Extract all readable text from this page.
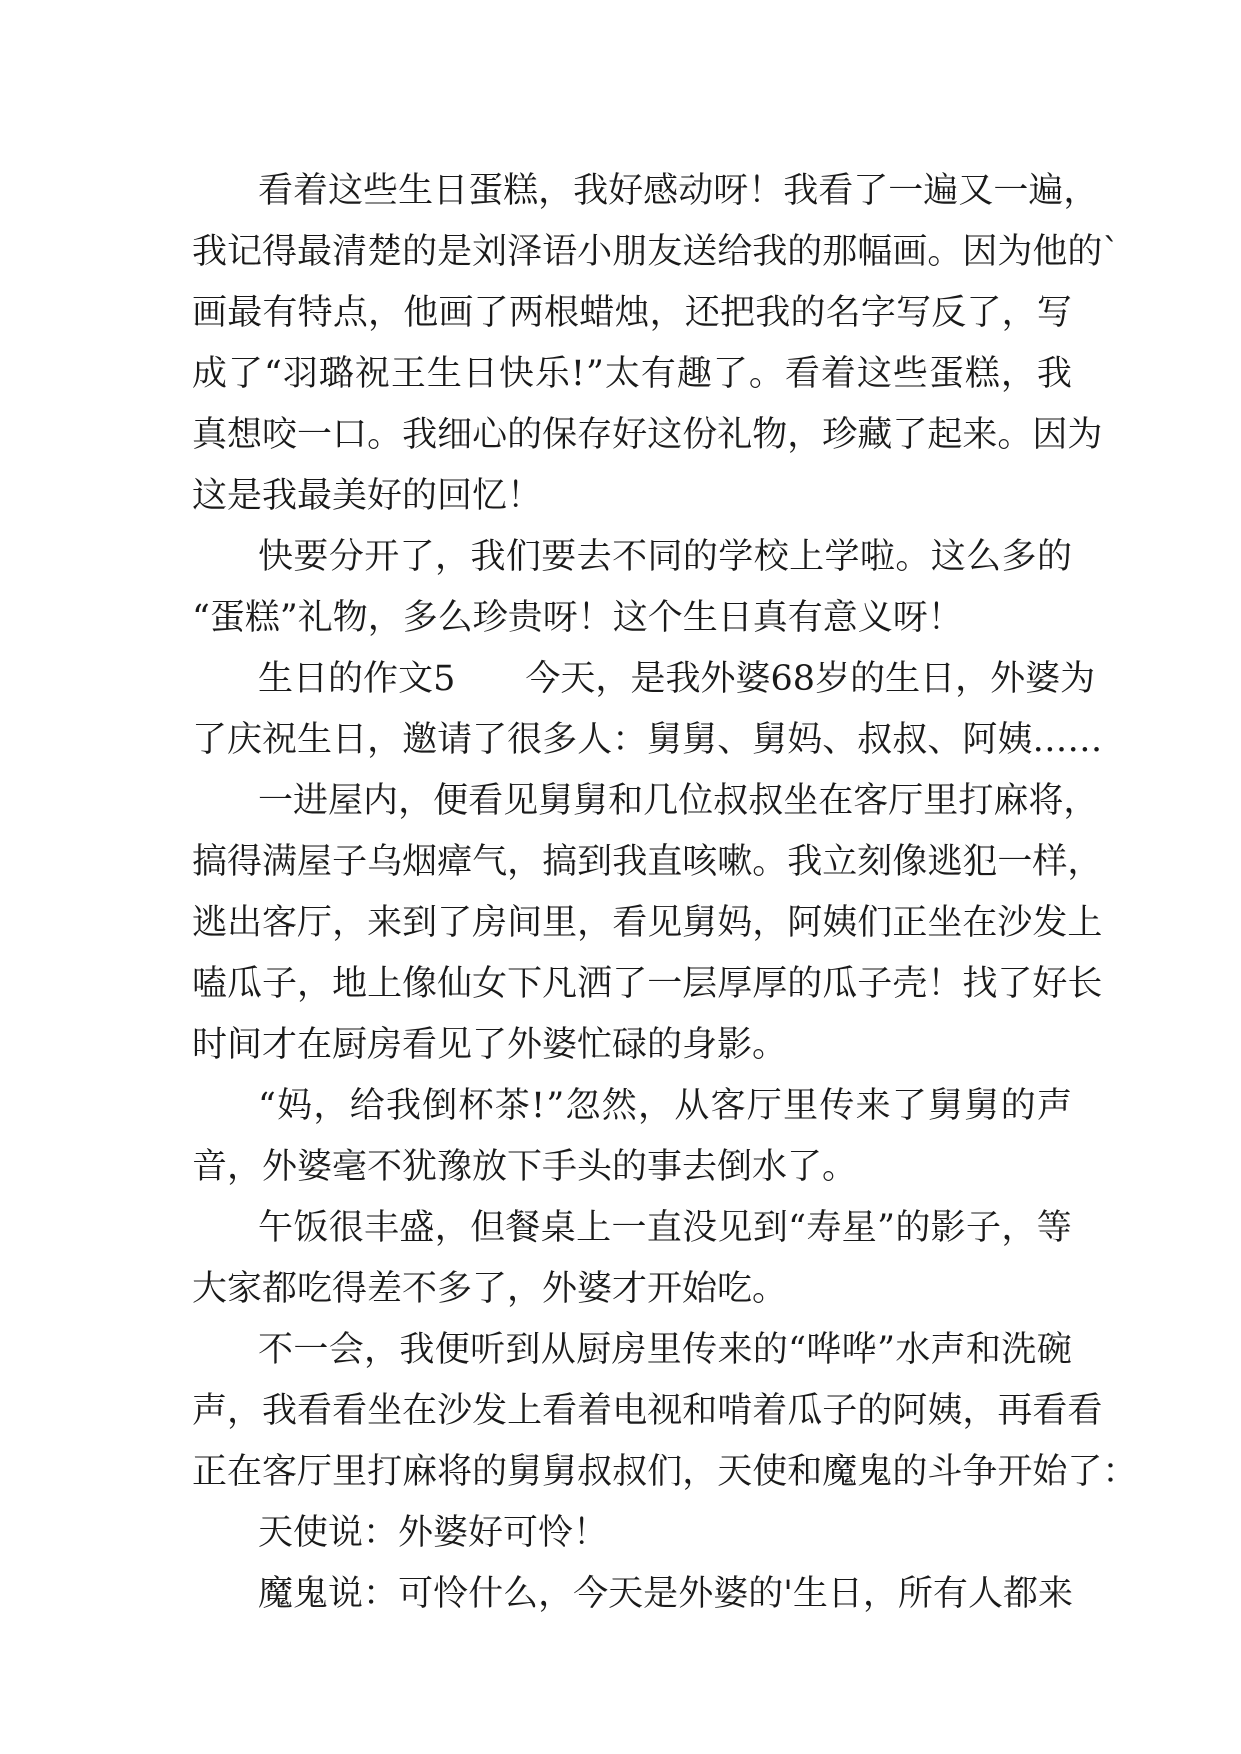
看 着 这 些 生 日 蛋 糕 ， 我 好 感 动 呀 ！ 我 看 了 一 遍 又 一 遍 ，
我 记 得 最 清 楚 的 是 刘 泽 语 小 朋 友 送 给 我 的 那 幅 画 。 因 为 他 的 `
画 最 有 特 点 ， 他 画 了 两 根 蜡 烛 ， 还 把 我 的 名 字 写 反 了 ， 写
成 了 “ 羽 璐 祝 王 生 日 快 乐 ! ” 太 有 趣 了 。 看 着 这 些 蛋 糕 ， 我
真 想 咬 一 口 。 我 细 心 的 保 存 好 这 份 礼 物 ， 珍 藏 了 起 来 。 因 为
这是我最美好的回忆！
快 要 分 开 了 ， 我 们 要 去 不 同 的 学 校 上 学 啦 。 这 么 多 的
“蛋糕”礼物，多么珍贵呀！这个生日真有意义呀！
生 日 的 作 文 5

　 今 天 ， 是 我 外 婆 6 8 岁 的 生 日 ， 外 婆 为
了 庆 祝 生 日 ， 邀 请 了 很 多 人 ： 舅 舅 、 舅 妈 、 叔 叔 、 阿 姨 … …
一 进 屋 内 ， 便 看 见 舅 舅 和 几 位 叔 叔 坐 在 客 厅 里 打 麻 将 ，
搞 得 满 屋 子 乌 烟 瘴 气 ， 搞 到 我 直 咳 嗽 。 我 立 刻 像 逃 犯 一 样 ，
逃 出 客 厅 ， 来 到 了 房 间 里 ， 看 见 舅 妈 ， 阿 姨 们 正 坐 在 沙 发 上
嗑 瓜 子 ， 地 上 像 仙 女 下 凡 洒 了 一 层 厚 厚 的 瓜 子 壳 ！ 找 了 好 长
时间才在厨房看见了外婆忙碌的身影。
“ 妈 ， 给 我 倒 杯 茶 ! ” 忽 然 ， 从 客 厅 里 传 来 了 舅 舅 的 声
音，外婆毫不犹豫放下手头的事去倒水了。
午 饭 很 丰 盛 ， 但 餐 桌 上 一 直 没 见 到 “ 寿 星 ” 的 影 子 ， 等
大家都吃得差不多了，外婆才开始吃。
不 一 会 ， 我 便 听 到 从 厨 房 里 传 来 的 “ 哗 哗 ” 水 声 和 洗 碗
声 ， 我 看 看 坐 在 沙 发 上 看 着 电 视 和 啃 着 瓜 子 的 阿 姨 ， 再 看 看
正 在 客 厅 里 打 麻 将 的 舅 舅 叔 叔 们 ， 天 使 和 魔 鬼 的 斗 争 开 始 了 ：
天使说：外婆好可怜！
魔 鬼 说 ： 可 怜 什 么 ， 今 天 是 外 婆 的 ' 生 日 ， 所 有 人 都 来
